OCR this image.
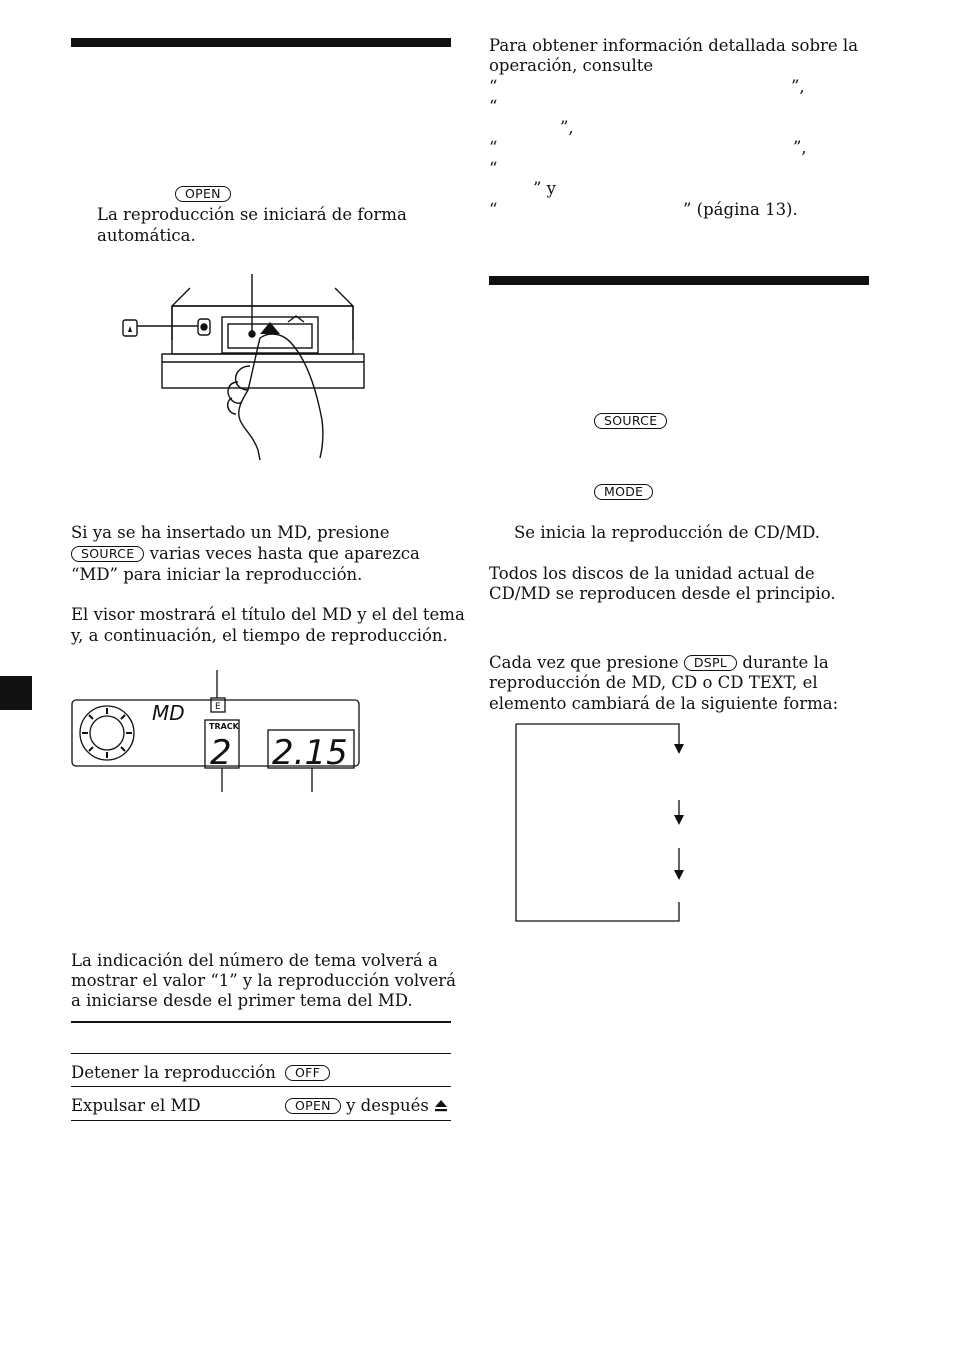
OPEN
La reproducción se iniciará de forma
automática.
Si ya se ha insertado un MD, presione
SOURCE varias veces hasta que aparezca
“MD” para iniciar la reproducción.
El visor mostrará el título del MD y el del tema
y, a continuación, el tiempo de reproducción.
E
MD
TRACK
2 2.15
La indicación del número de tema volverá a
mostrar el valor “1” y la reproducción volverá
a iniciarse desde el primer tema del MD.
Detener la reproducción	OFF
Expulsar el MD	OPEN y después
Para obtener información detallada sobre la
operación, consulte
“	”,
“
”,
“	”,
“
” y
“	” (página 13).
SOURCE
MODE
Se inicia la reproducción de CD/MD.
Todos los discos de la unidad actual de
CD/MD se reproducen desde el principio.
Cada vez que presione DSPL durante la
reproducción de MD, CD o CD TEXT, el
elemento cambiará de la siguiente forma:
